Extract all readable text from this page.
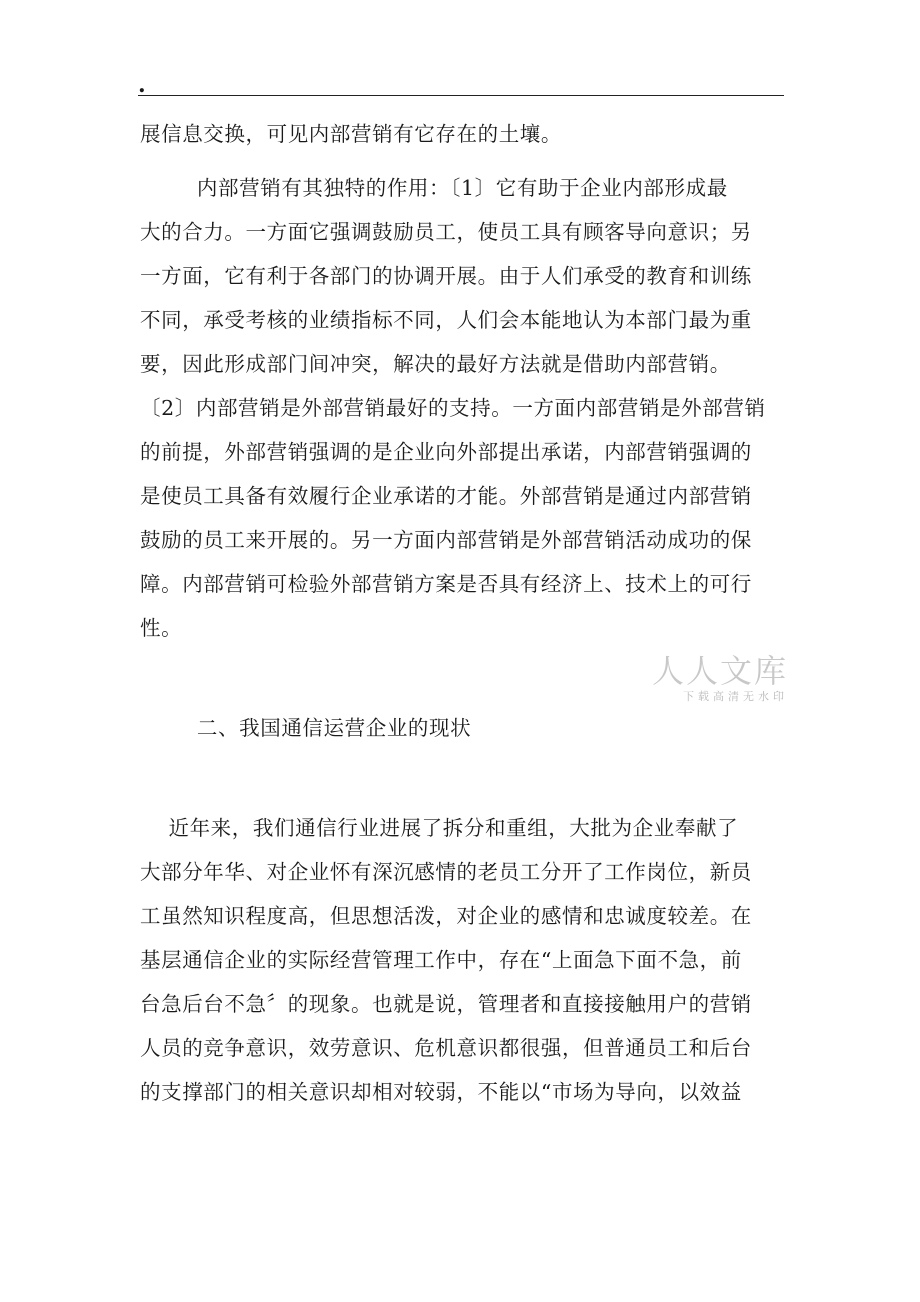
.
展信息交换，可见内部营销有它存在的土壤。
内部营销有其独特的作用：〔1〕它有助于企业内部形成最
大的合力。一方面它强调鼓励员工，使员工具有顾客导向意识；另
一方面，它有利于各部门的协调开展。由于人们承受的教育和训练
不同，承受考核的业绩指标不同，人们会本能地认为本部门最为重
要，因此形成部门间冲突，解决的最好方法就是借助内部营销。
〔2〕内部营销是外部营销最好的支持。一方面内部营销是外部营销
的前提，外部营销强调的是企业向外部提出承诺，内部营销强调的
是使员工具备有效履行企业承诺的才能。外部营销是通过内部营销
鼓励的员工来开展的。另一方面内部营销是外部营销活动成功的保
障。内部营销可检验外部营销方案是否具有经济上、技术上的可行
性。
二、我国通信运营企业的现状
近年来，我们通信行业进展了拆分和重组，大批为企业奉献了
大部分年华、对企业怀有深沉感情的老员工分开了工作岗位，新员
工虽然知识程度高，但思想活泼，对企业的感情和忠诚度较差。在
基层通信企业的实际经营管理工作中，存在“上面急下面不急，前
台急后台不急〞的现象。也就是说，管理者和直接接触用户的营销
人员的竞争意识，效劳意识、危机意识都很强，但普通员工和后台
的支撑部门的相关意识却相对较弱，不能以“市场为导向，以效益
人人文库
下载高清无水印
